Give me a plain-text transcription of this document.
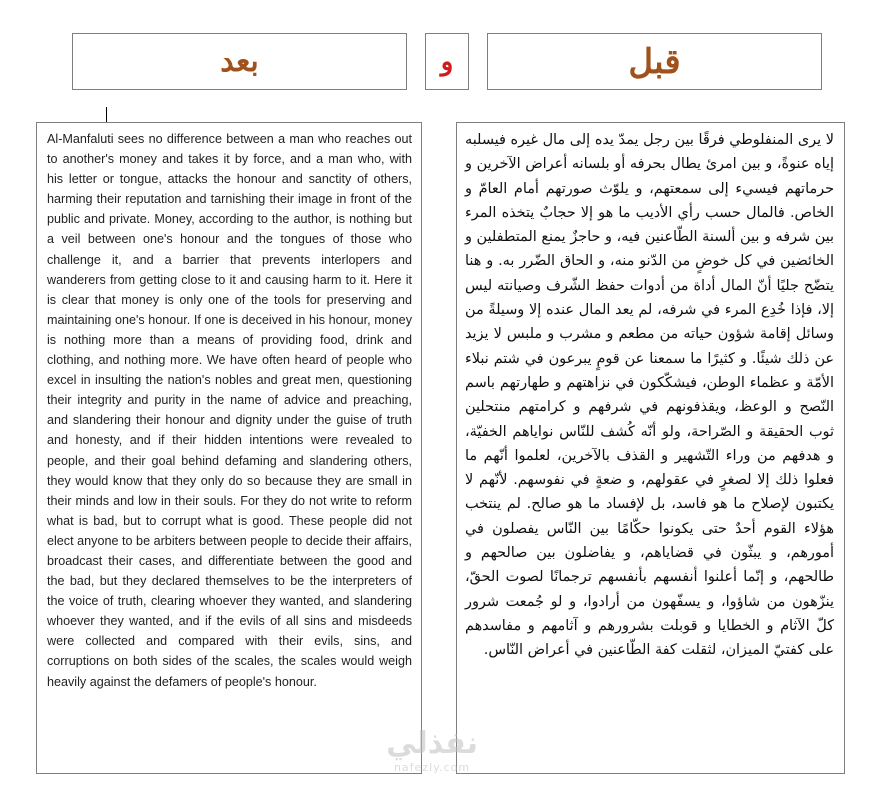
بعد	و	قبل

Al-Manfaluti sees no difference between a man who reaches out to another's money and takes it by force, and a man who, with his letter or tongue, attacks the honour and sanctity of others, harming their reputation and tarnishing their image in front of the public and private. Money, according to the author, is nothing but a veil between one's honour and the tongues of those who challenge it, and a barrier that prevents interlopers and wanderers from getting close to it and causing harm to it. Here it is clear that money is only one of the tools for preserving and maintaining one's honour. If one is deceived in his honour, money is nothing more than a means of providing food, drink and clothing, and nothing more. We have often heard of people who excel in insulting the nation's nobles and great men, questioning their integrity and purity in the name of advice and preaching, and slandering their honour and dignity under the guise of truth and honesty, and if their hidden intentions were revealed to people, and their goal behind defaming and slandering others, they would know that they only do so because they are small in their minds and low in their souls. For they do not write to reform what is bad, but to corrupt what is good. These people did not elect anyone to be arbiters between people to decide their affairs, broadcast their cases, and differentiate between the good and the bad, but they declared themselves to be the interpreters of the voice of truth, clearing whoever they wanted, and slandering whoever they wanted, and if the evils of all sins and misdeeds were collected and compared with their evils, sins, and corruptions on both sides of the scales, the scales would weigh heavily against the defamers of people's honour.

لا يرى المنفلوطي فرقًا بين رجل يمدّ يده إلى مال غيره فيسلبه إياه عنوةً، و بين امرئ يطال بحرفه أو بلسانه أعراض الآخرين و حرماتهم فيسيء إلى سمعتهم، و يلوّث صورتهم أمام العامّ و الخاص. فالمال حسب رأي الأديب ما هو إلا حجابٌ يتخذه المرء بين شرفه و بين ألسنة الطّاعنين فيه، و حاجزٌ يمنع المتطفلين و الخائضين في كل خوضٍ من الدّنو منه، و الحاق الضّرر به. و هنا يتضّح جليًا أنّ المال أداة من أدوات حفظ الشّرف وصيانته ليس إلا، فإذا خُدِع المرء في شرفه، لم يعد المال عنده إلا وسيلةً من وسائل إقامة شؤون حياته من مطعم و مشرب و ملبس لا يزيد عن ذلك شيئًا. و كثيرًا ما سمعنا عن قومٍ يبرعون في شتم نبلاء الأمّة و عظماء الوطن، فيشكّكون في نزاهتهم و طهارتهم باسم النّصح و الوعظ، ويقذفونهم في شرفهم و كرامتهم منتحلين ثوب الحقيقة و الصّراحة، ولو أنّه كُشف للنّاس نواياهم الخفيّة، و هدفهم من وراء التّشهير و القذف بالآخرين، لعلموا أنّهم ما فعلوا ذلك إلا لصغرٍ في عقولهم، و ضعةٍ في نفوسهم. لأنّهم لا يكتبون لإصلاح ما هو فاسد، بل لإفساد ما هو صالح. لم ينتخب هؤلاء القوم أحدٌ حتى يكونوا حكّامًا بين النّاس يفصلون في أمورهم، و يبثّون في قضاياهم، و يفاضلون بين صالحهم و طالحهم، و إنّما أعلنوا أنفسهم بأنفسهم ترجمانًا لصوت الحقّ، ينزّهون من شاؤوا، و يسفّهون من أرادوا، و لو جُمعت شرور كلّ الآثام و الخطايا و قوبلت بشرورهم و آثامهم و مفاسدهم على كفتيّ الميزان، لثقلت كفة الطّاعنين في أعراض النّاس.

نفذلي
nafezly.com
